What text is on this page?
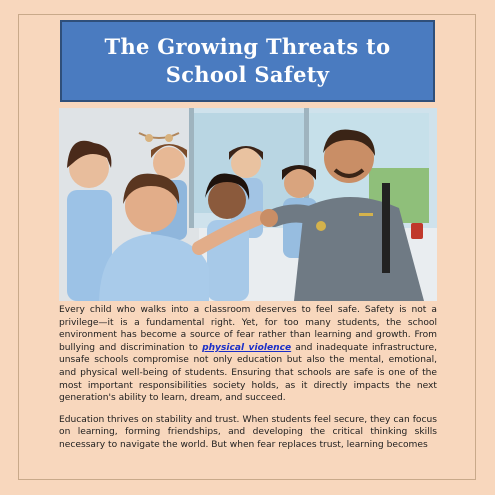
The Growing Threats to School Safety

Every child who walks into a classroom deserves to feel safe. Safety is not a privilege—it is a fundamental right. Yet, for too many students, the school environment has become a source of fear rather than learning and growth. From bullying and discrimination to physical violence and inadequate infrastructure, unsafe schools compromise not only education but also the mental, emotional, and physical well-being of students. Ensuring that schools are safe is one of the most important responsibilities society holds, as it directly impacts the next generation's ability to learn, dream, and succeed.

Education thrives on stability and trust. When students feel secure, they can focus on learning, forming friendships, and developing the critical thinking skills necessary to navigate the world. But when fear replaces trust, learning becomes
